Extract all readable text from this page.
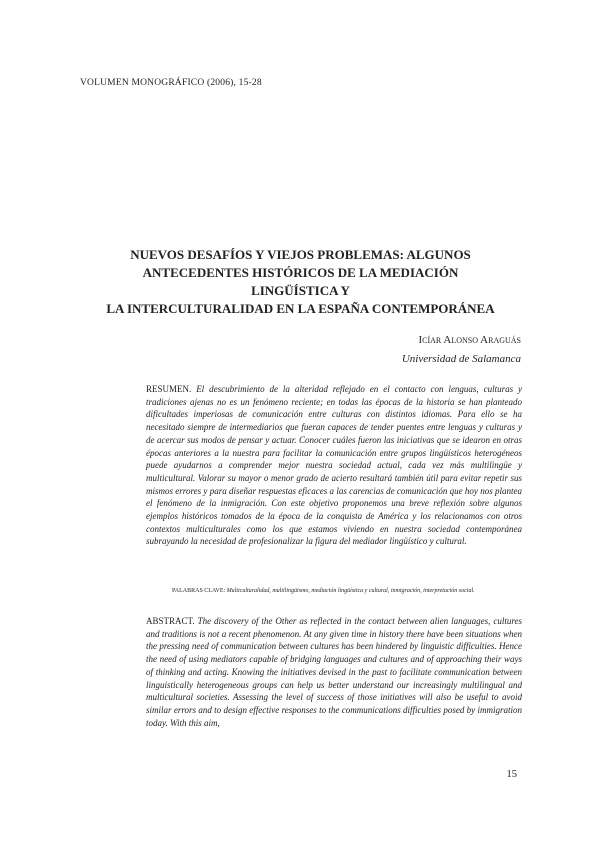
VOLUMEN MONOGRÁFICO (2006), 15-28
NUEVOS DESAFÍOS Y VIEJOS PROBLEMAS: ALGUNOS
ANTECEDENTES HISTÓRICOS DE LA MEDIACIÓN LINGÜÍSTICA Y
LA INTERCULTURALIDAD EN LA ESPAÑA CONTEMPORÁNEA
Icíar Alonso Araguás
Universidad de Salamanca
RESUMEN. El descubrimiento de la alteridad reflejado en el contacto con lenguas, culturas y tradiciones ajenas no es un fenómeno reciente; en todas las épocas de la historia se han planteado dificultades imperiosas de comunicación entre culturas con distintos idiomas. Para ello se ha necesitado siempre de intermediarios que fueran capaces de tender puentes entre lenguas y culturas y de acercar sus modos de pensar y actuar. Conocer cuáles fueron las iniciativas que se idearon en otras épocas anteriores a la nuestra para facilitar la comunicación entre grupos lingüísticos heterogéneos puede ayudarnos a comprender mejor nuestra sociedad actual, cada vez más multilingüe y multicultural. Valorar su mayor o menor grado de acierto resultará también útil para evitar repetir sus mismos errores y para diseñar respuestas eficaces a las carencias de comunicación que hoy nos plantea el fenómeno de la inmigración. Con este objetivo proponemos una breve reflexión sobre algunos ejemplos históricos tomados de la época de la conquista de América y los relacionamos con otros contextos multiculturales como los que estamos viviendo en nuestra sociedad contemporánea subrayando la necesidad de profesionalizar la figura del mediador lingüístico y cultural.
PALABRAS CLAVE: Multiculturalidad, multilingüismo, mediación lingüística y cultural, inmigración, interpretación social.
ABSTRACT. The discovery of the Other as reflected in the contact between alien languages, cultures and traditions is not a recent phenomenon. At any given time in history there have been situations when the pressing need of communication between cultures has been hindered by linguistic difficulties. Hence the need of using mediators capable of bridging languages and cultures and of approaching their ways of thinking and acting. Knowing the initiatives devised in the past to facilitate communication between linguistically heterogeneous groups can help us better understand our increasingly multilingual and multicultural societies. Assessing the level of success of those initiatives will also be useful to avoid similar errors and to design effective responses to the communications difficulties posed by immigration today. With this aim,
15
